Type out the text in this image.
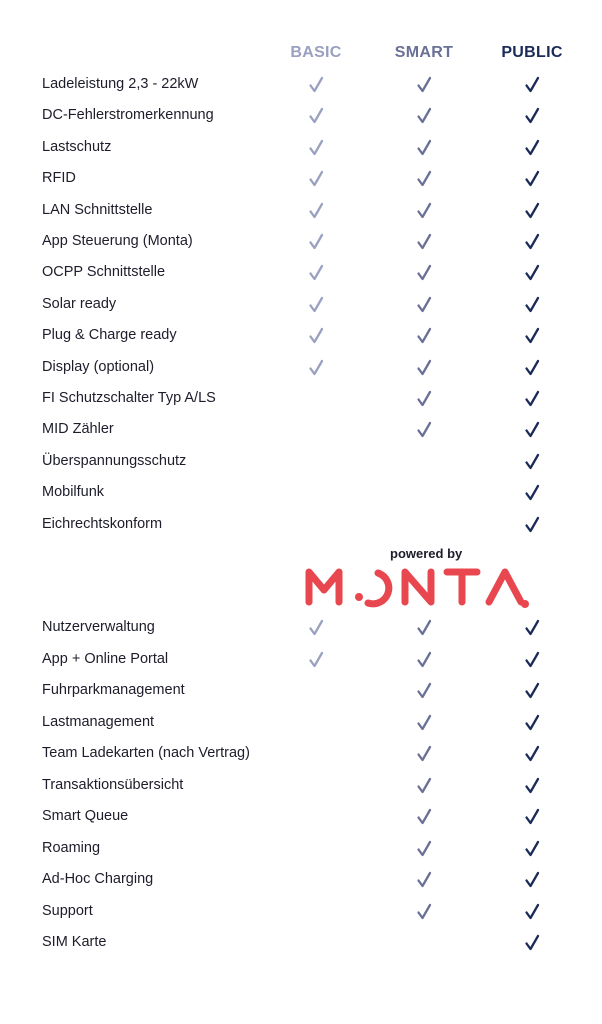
BASIC	SMART	PUBLIC
powered by
Ladeleistung 2,3 - 22kW
DC-Fehlerstromerkennung
Lastschutz
RFID
LAN Schnittstelle
App Steuerung (Monta)
OCPP Schnittstelle
Solar ready
Plug & Charge ready
Display (optional)
FI Schutzschalter Typ A/LS
MID Zähler
Überspannungsschutz
Mobilfunk
Eichrechtskonform
Nutzerverwaltung
App + Online Portal
Fuhrparkmanagement
Lastmanagement
Team Ladekarten (nach Vertrag)
Transaktionsübersicht
Smart Queue
Roaming
Ad-Hoc Charging
Support
SIM Karte
